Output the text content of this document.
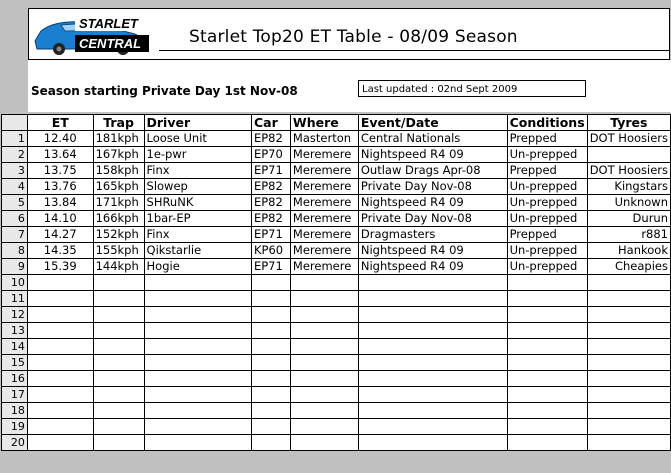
STARLET
CENTRAL	Starlet Top20 ET Table - 08/09 Season
Season starting Private Day 1st Nov-08	Last updated : 02nd Sept 2009
	ET	Trap	Driver	Car	Where	Event/Date	Conditions	Tyres
1	12.40	181kph	Loose Unit	EP82	Masterton	Central Nationals	Prepped	DOT Hoosiers
2	13.64	167kph	1e-pwr	EP70	Meremere	Nightspeed R4 09	Un-prepped	
3	13.75	158kph	Finx	EP71	Meremere	Outlaw Drags Apr-08	Prepped	DOT Hoosiers
4	13.76	165kph	Slowep	EP82	Meremere	Private Day Nov-08	Un-prepped	Kingstars
5	13.84	171kph	SHRuNK	EP82	Meremere	Nightspeed R4 09	Un-prepped	Unknown
6	14.10	166kph	1bar-EP	EP82	Meremere	Private Day Nov-08	Un-prepped	Durun
7	14.27	152kph	Finx	EP71	Meremere	Dragmasters	Prepped	r881
8	14.35	155kph	Qikstarlie	KP60	Meremere	Nightspeed R4 09	Un-prepped	Hankook
9	15.39	144kph	Hogie	EP71	Meremere	Nightspeed R4 09	Un-prepped	Cheapies
10								
11								
12								
13								
14								
15								
16								
17								
18								
19								
20								
